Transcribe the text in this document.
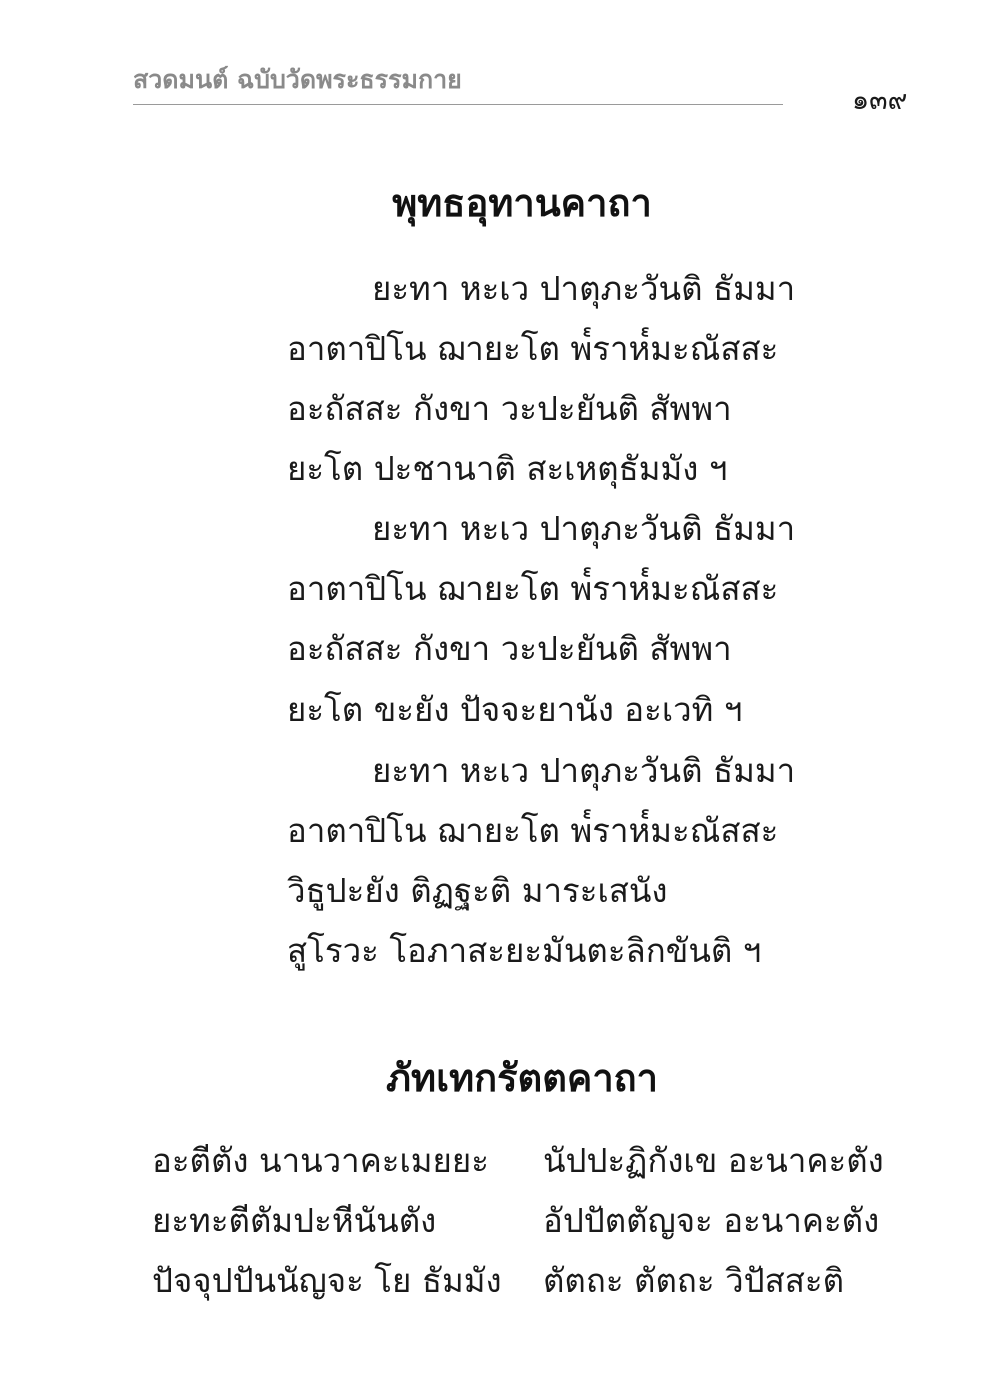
สวดมนต์ ฉบับวัดพระธรรมกาย
๑๓๙
พุทธอุทานคาถา
ยะทา หะเว ปาตุภะวันติ ธัมมา
อาตาปิโน ฌายะโต พ๎ราห๎มะณัสสะ
อะถัสสะ กังขา วะปะยันติ สัพพา
ยะโต ปะชานาติ สะเหตุธัมมัง ฯ
ยะทา หะเว ปาตุภะวันติ ธัมมา
อาตาปิโน ฌายะโต พ๎ราห๎มะณัสสะ
อะถัสสะ กังขา วะปะยันติ สัพพา
ยะโต ขะยัง ปัจจะยานัง อะเวทิ ฯ
ยะทา หะเว ปาตุภะวันติ ธัมมา
อาตาปิโน ฌายะโต พ๎ราห๎มะณัสสะ
วิธูปะยัง ติฏฐะติ มาระเสนัง
สูโรวะ โอภาสะยะมันตะลิกขันติ ฯ
ภัทเทกรัตตคาถา
อะตีตัง นานวาคะเมยยะ นัปปะฏิกังเข อะนาคะตัง
ยะทะตีตัมปะหีนันตัง	อัปปัตตัญจะ อะนาคะตัง
ปัจจุปปันนัญจะ โย ธัมมัง ตัตถะ ตัตถะ วิปัสสะติ
